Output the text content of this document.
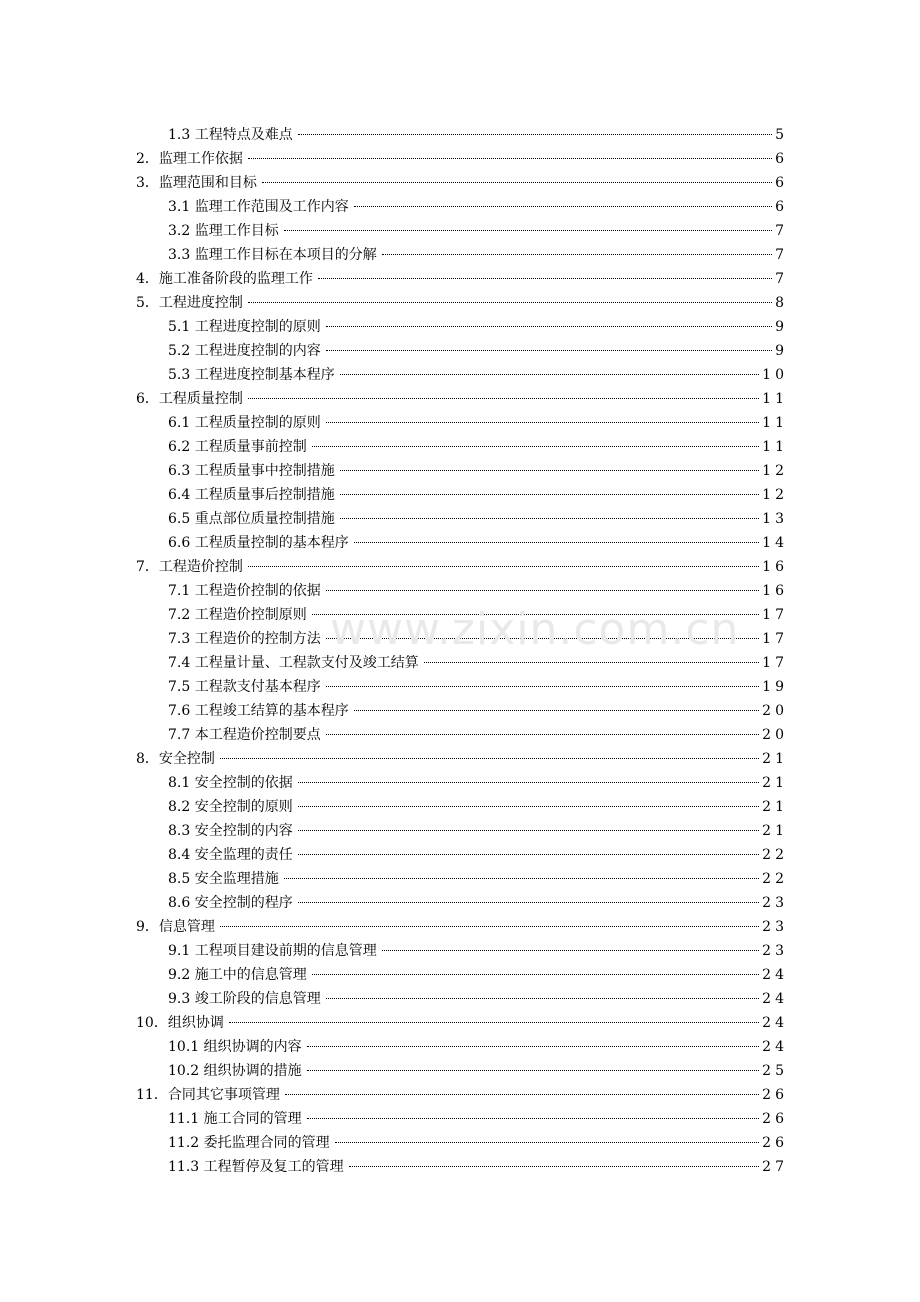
1.3 工程特点及难点	5
2．监理工作依据	6
3．监理范围和目标	6
3.1 监理工作范围及工作内容	6
3.2 监理工作目标	7
3.3 监理工作目标在本项目的分解	7
4．施工准备阶段的监理工作	7
5．工程进度控制	8
5.1 工程进度控制的原则	9
5.2 工程进度控制的内容	9
5.3 工程进度控制基本程序	10
6．工程质量控制	11
6.1 工程质量控制的原则	11
6.2 工程质量事前控制	11
6.3 工程质量事中控制措施	12
6.4 工程质量事后控制措施	12
6.5 重点部位质量控制措施	13
6.6 工程质量控制的基本程序	14
7．工程造价控制	16
7.1 工程造价控制的依据	16
7.2 工程造价控制原则	17
7.3 工程造价的控制方法	17
7.4 工程量计量、工程款支付及竣工结算	17
7.5 工程款支付基本程序	19
7.6 工程竣工结算的基本程序	20
7.7 本工程造价控制要点	20
8．安全控制	21
8.1 安全控制的依据	21
8.2 安全控制的原则	21
8.3 安全控制的内容	21
8.4 安全监理的责任	22
8.5 安全监理措施	22
8.6 安全控制的程序	23
9．信息管理	23
9.1 工程项目建设前期的信息管理	23
9.2 施工中的信息管理	24
9.3 竣工阶段的信息管理	24
10．组织协调	24
10.1 组织协调的内容	24
10.2 组织协调的措施	25
11．合同其它事项管理	26
11.1 施工合同的管理	26
11.2 委托监理合同的管理	26
11.3 工程暂停及复工的管理	27
www.zixin.com.cn
